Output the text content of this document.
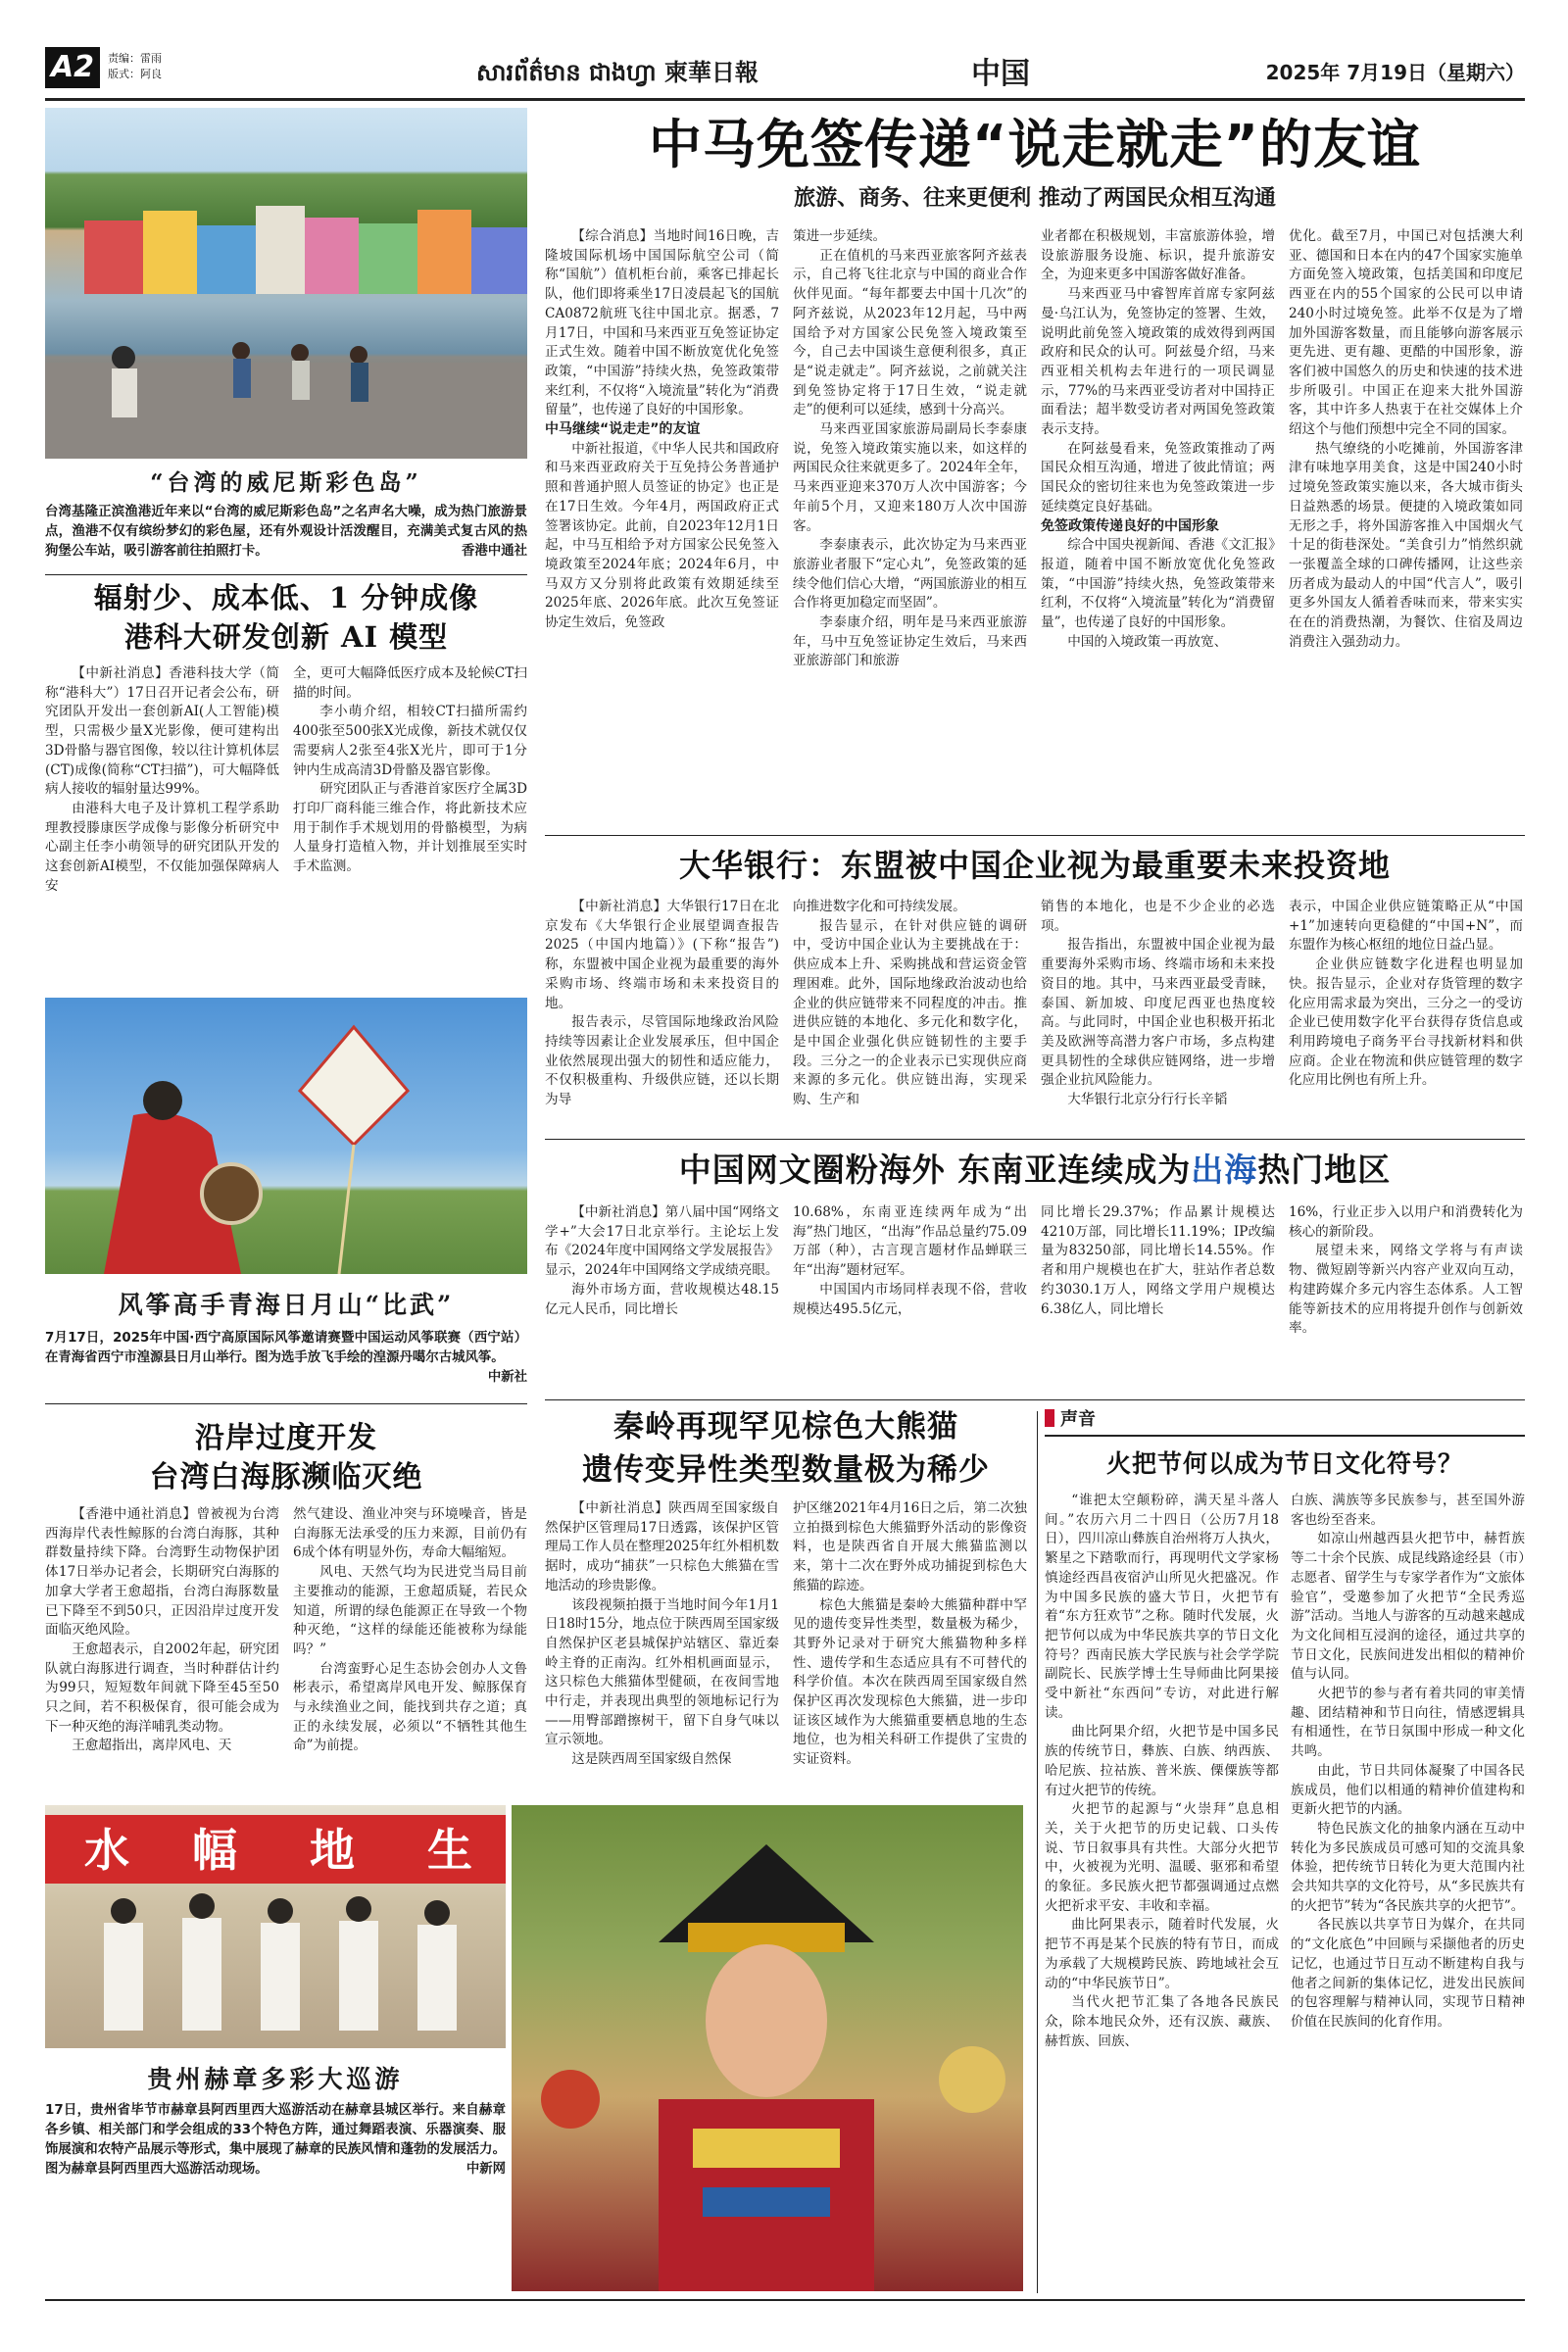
A2	责编：雷雨
版式：阿良	សារព័ត៌មាន ជាងហ្វា 柬華日報	中国	2025年 7月19日（星期六）
“台湾的威尼斯彩色岛”
台湾基隆正滨渔港近年来以“台湾的威尼斯彩色岛”之名声名大噪，成为热门旅游景点，渔港不仅有缤纷梦幻的彩色屋，还有外观设计活泼醒目，充满美式复古风的热狗堡公车站，吸引游客前往拍照打卡。	香港中通社
辐射少、成本低、1 分钟成像
港科大研发创新 AI 模型

【中新社消息】香港科技大学（简称“港科大”）17日召开记者会公布，研究团队开发出一套创新AI(人工智能)模型，只需极少量X光影像，便可建构出3D骨骼与器官图像，较以往计算机体层(CT)成像(简称“CT扫描”)，可大幅降低病人接收的辐射量达99%。

由港科大电子及计算机工程学系助理教授滕康医学成像与影像分析研究中心副主任李小萌领导的研究团队开发的这套创新AI模型，不仅能加强保障病人安

全，更可大幅降低医疗成本及轮候CT扫描的时间。

李小萌介绍，相较CT扫描所需约400张至500张X光成像，新技术就仅仅需要病人2张至4张X光片，即可于1分钟内生成高清3D骨骼及器官影像。

研究团队正与香港首家医疗全属3D打印厂商科能三维合作，将此新技术应用于制作手术规划用的骨骼模型，为病人量身打造植入物，并计划推展至实时手术监测。

风筝高手青海日月山“比武”
7月17日，2025年中国·西宁高原国际风筝邀请赛暨中国运动风筝联赛（西宁站）在青海省西宁市湟源县日月山举行。图为选手放飞手绘的湟源丹噶尔古城风筝。
中新社
沿岸过度开发
台湾白海豚濒临灭绝

【香港中通社消息】曾被视为台湾西海岸代表性鲸豚的台湾白海豚，其种群数量持续下降。台湾野生动物保护团体17日举办记者会，长期研究白海豚的加拿大学者王愈超指，台湾白海豚数量已下降至不到50只，正因沿岸过度开发面临灭绝风险。

王愈超表示，自2002年起，研究团队就白海豚进行调查，当时种群估计约为99只，短短数年间就下降至45至50只之间，若不积极保育，很可能会成为下一种灭绝的海洋哺乳类动物。

王愈超指出，离岸风电、天

然气建设、渔业冲突与环境噪音，皆是白海豚无法承受的压力来源，目前仍有6成个体有明显外伤，寿命大幅缩短。

风电、天然气均为民进党当局目前主要推动的能源，王愈超质疑，若民众知道，所谓的绿色能源正在导致一个物种灭绝，“这样的绿能还能被称为绿能吗？”

台湾蛮野心足生态协会创办人文鲁彬表示，希望离岸风电开发、鲸豚保育与永续渔业之间，能找到共存之道；真正的永续发展，必须以“不牺牲其他生命”为前提。

水 幅 地 生
贵州赫章多彩大巡游
17日，贵州省毕节市赫章县阿西里西大巡游活动在赫章县城区举行。来自赫章各乡镇、相关部门和学会组成的33个特色方阵，通过舞蹈表演、乐器演奏、服饰展演和农特产品展示等形式，集中展现了赫章的民族风情和蓬勃的发展活力。图为赫章县阿西里西大巡游活动现场。	中新网
中马免签传递“说走就走”的友谊
旅游、商务、往来更便利 推动了两国民众相互沟通

【综合消息】当地时间16日晚，吉隆坡国际机场中国国际航空公司（简称“国航”）值机柜台前，乘客已排起长队，他们即将乘坐17日凌晨起飞的国航CA0872航班飞往中国北京。据悉，7月17日，中国和马来西亚互免签证协定正式生效。随着中国不断放宽优化免签政策，“中国游”持续火热，免签政策带来红利，不仅将“入境流量”转化为“消费留量”，也传递了良好的中国形象。

中马继续“说走走”的友谊

中新社报道，《中华人民共和国政府和马来西亚政府关于互免持公务普通护照和普通护照人员签证的协定》也正是在17日生效。今年4月，两国政府正式签署该协定。此前，自2023年12月1日起，中马互相给予对方国家公民免签入境政策至2024年底；2024年6月，中马双方又分别将此政策有效期延续至2025年底、2026年底。此次互免签证协定生效后，免签政

策进一步延续。

正在值机的马来西亚旅客阿齐兹表示，自己将飞往北京与中国的商业合作伙伴见面。“每年都要去中国十几次”的阿齐兹说，从2023年12月起，马中两国给予对方国家公民免签入境政策至今，自己去中国谈生意便利很多，真正是“说走就走”。阿齐兹说，之前就关注到免签协定将于17日生效，“说走就走”的便利可以延续，感到十分高兴。

马来西亚国家旅游局副局长李泰康说，免签入境政策实施以来，如这样的两国民众往来就更多了。2024年全年，马来西亚迎来370万人次中国游客；今年前5个月，又迎来180万人次中国游客。

李泰康表示，此次协定为马来西亚旅游业者服下“定心丸”，免签政策的延续令他们信心大增，“两国旅游业的相互合作将更加稳定而坚固”。

李泰康介绍，明年是马来西亚旅游年，马中互免签证协定生效后，马来西亚旅游部门和旅游

业者都在积极规划，丰富旅游体验，增设旅游服务设施、标识，提升旅游安全，为迎来更多中国游客做好准备。

马来西亚马中睿智库首席专家阿兹曼·乌江认为，免签协定的签署、生效，说明此前免签入境政策的成效得到两国政府和民众的认可。阿兹曼介绍，马来西亚相关机构去年进行的一项民调显示，77%的马来西亚受访者对中国持正面看法；超半数受访者对两国免签政策表示支持。

在阿兹曼看来，免签政策推动了两国民众相互沟通，增进了彼此情谊；两国民众的密切往来也为免签政策进一步延续奠定良好基础。

免签政策传递良好的中国形象

综合中国央视新闻、香港《文汇报》报道，随着中国不断放宽优化免签政策，“中国游”持续火热，免签政策带来红利，不仅将“入境流量”转化为“消费留量”，也传递了良好的中国形象。

中国的入境政策一再放宽、

优化。截至7月，中国已对包括澳大利亚、德国和日本在内的47个国家实施单方面免签入境政策，包括美国和印度尼西亚在内的55个国家的公民可以申请240小时过境免签。此举不仅是为了增加外国游客数量，而且能够向游客展示更先进、更有趣、更酷的中国形象，游客们被中国悠久的历史和快速的技术进步所吸引。中国正在迎来大批外国游客，其中许多人热衷于在社交媒体上介绍这个与他们预想中完全不同的国家。

热气缭绕的小吃摊前，外国游客津津有味地享用美食，这是中国240小时过境免签政策实施以来，各大城市街头日益熟悉的场景。便捷的入境政策如同无形之手，将外国游客推入中国烟火气十足的街巷深处。“美食引力”悄然织就一张覆盖全球的口碑传播网，让这些亲历者成为最动人的中国“代言人”，吸引更多外国友人循着香味而来，带来实实在在的消费热潮，为餐饮、住宿及周边消费注入强劲动力。

大华银行：东盟被中国企业视为最重要未来投资地

【中新社消息】大华银行17日在北京发布《大华银行企业展望调查报告2025（中国内地篇）》(下称“报告”)称，东盟被中国企业视为最重要的海外采购市场、终端市场和未来投资目的地。

报告表示，尽管国际地缘政治风险持续等因素让企业发展承压，但中国企业依然展现出强大的韧性和适应能力，不仅积极重构、升级供应链，还以长期为导

向推进数字化和可持续发展。

报告显示，在针对供应链的调研中，受访中国企业认为主要挑战在于：供应成本上升、采购挑战和营运资金管理困难。此外，国际地缘政治波动也给企业的供应链带来不同程度的冲击。推进供应链的本地化、多元化和数字化，是中国企业强化供应链韧性的主要手段。三分之一的企业表示已实现供应商来源的多元化。供应链出海，实现采购、生产和

销售的本地化，也是不少企业的必选项。

报告指出，东盟被中国企业视为最重要海外采购市场、终端市场和未来投资目的地。其中，马来西亚最受青睐，泰国、新加坡、印度尼西亚也热度较高。与此同时，中国企业也积极开拓北美及欧洲等高潜力客户市场，多点构建更具韧性的全球供应链网络，进一步增强企业抗风险能力。

大华银行北京分行行长辛韬

表示，中国企业供应链策略正从“中国+1”加速转向更稳健的“中国+N”，而东盟作为核心枢纽的地位日益凸显。

企业供应链数字化进程也明显加快。报告显示，企业对存货管理的数字化应用需求最为突出，三分之一的受访企业已使用数字化平台获得存货信息或利用跨境电子商务平台寻找新材料和供应商。企业在物流和供应链管理的数字化应用比例也有所上升。

中国网文圈粉海外 东南亚连续成为出海热门地区

【中新社消息】第八届中国“网络文学+”大会17日北京举行。主论坛上发布《2024年度中国网络文学发展报告》显示，2024年中国网络文学成绩亮眼。

海外市场方面，营收规模达48.15亿元人民币，同比增长

10.68%，东南亚连续两年成为“出海”热门地区，“出海”作品总量约75.09万部（种），古言现言题材作品蝉联三年“出海”题材冠军。

中国国内市场同样表现不俗，营收规模达495.5亿元，

同比增长29.37%；作品累计规模达4210万部，同比增长11.19%；IP改编量为83250部，同比增长14.55%。作者和用户规模也在扩大，驻站作者总数约3030.1万人，网络文学用户规模达6.38亿人，同比增长

16%，行业正步入以用户和消费转化为核心的新阶段。

展望未来，网络文学将与有声读物、微短剧等新兴内容产业双向互动，构建跨媒介多元内容生态体系。人工智能等新技术的应用将提升创作与创新效率。

秦岭再现罕见棕色大熊猫
遗传变异性类型数量极为稀少

【中新社消息】陕西周至国家级自然保护区管理局17日透露，该保护区管理局工作人员在整理2025年红外相机数据时，成功“捕获”一只棕色大熊猫在雪地活动的珍贵影像。

该段视频拍摄于当地时间今年1月1日18时15分，地点位于陕西周至国家级自然保护区老县城保护站辖区、靠近秦岭主脊的正南沟。红外相机画面显示，这只棕色大熊猫体型健硕，在夜间雪地中行走，并表现出典型的领地标记行为——用臀部蹭擦树干，留下自身气味以宣示领地。

这是陕西周至国家级自然保

护区继2021年4月16日之后，第二次独立拍摄到棕色大熊猫野外活动的影像资料，也是陕西省自开展大熊猫监测以来，第十二次在野外成功捕捉到棕色大熊猫的踪迹。

棕色大熊猫是秦岭大熊猫种群中罕见的遗传变异性类型，数量极为稀少，其野外记录对于研究大熊猫物种多样性、遗传学和生态适应具有不可替代的科学价值。本次在陕西周至国家级自然保护区再次发现棕色大熊猫，进一步印证该区域作为大熊猫重要栖息地的生态地位，也为相关科研工作提供了宝贵的实证资料。

声音
火把节何以成为节日文化符号？

“谁把太空颠粉碎，满天星斗落人间。”农历六月二十四日（公历7月18日），四川凉山彝族自治州将万人执火，繁星之下踏歌而行，再现明代文学家杨慎途经西昌夜宿泸山所见火把盛况。作为中国多民族的盛大节日，火把节有着“东方狂欢节”之称。随时代发展，火把节何以成为中华民族共享的节日文化符号？西南民族大学民族与社会学学院副院长、民族学博士生导师曲比阿果接受中新社“东西问”专访，对此进行解读。

曲比阿果介绍，火把节是中国多民族的传统节日，彝族、白族、纳西族、哈尼族、拉祜族、普米族、傈僳族等都有过火把节的传统。

火把节的起源与“火崇拜”息息相关，关于火把节的历史记载、口头传说、节日叙事具有共性。大部分火把节中，火被视为光明、温暖、驱邪和希望的象征。多民族火把节都强调通过点燃火把祈求平安、丰收和幸福。

曲比阿果表示，随着时代发展，火把节不再是某个民族的特有节日，而成为承载了大规模跨民族、跨地域社会互动的“中华民族节日”。

当代火把节汇集了各地各民族民众，除本地民众外，还有汉族、藏族、赫哲族、回族、

白族、满族等多民族参与，甚至国外游客也纷至沓来。

如凉山州越西县火把节中，赫哲族等二十余个民族、成昆线路途经县（市）志愿者、留学生与专家学者作为“文旅体验官”，受邀参加了火把节“全民秀巡游”活动。当地人与游客的互动越来越成为文化间相互浸润的途径，通过共享的节日文化，民族间进发出相似的精神价值与认同。

火把节的参与者有着共同的审美情趣、团结精神和节日向往，情感逻辑具有相通性，在节日氛围中形成一种文化共鸣。

由此，节日共同体凝聚了中国各民族成员，他们以相通的精神价值建构和更新火把节的内涵。

特色民族文化的抽象内涵在互动中转化为多民族成员可感可知的交流具象体验，把传统节日转化为更大范围内社会共知共享的文化符号，从“多民族共有的火把节”转为“各民族共享的火把节”。

各民族以共享节日为媒介，在共同的“文化底色”中回顾与采撷他者的历史记忆，也通过节日互动不断建构自我与他者之间新的集体记忆，进发出民族间的包容理解与精神认同，实现节日精神价值在民族间的化育作用。
